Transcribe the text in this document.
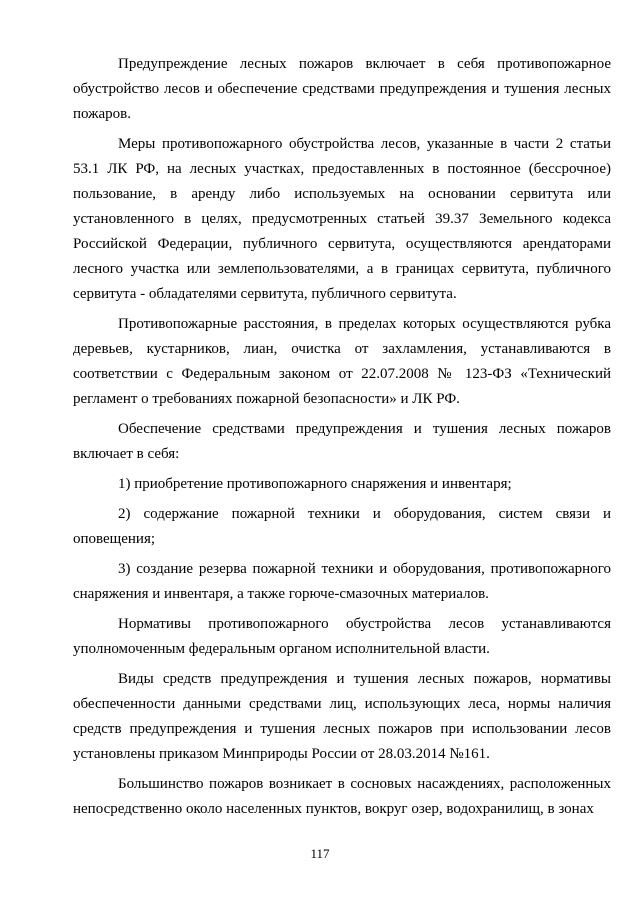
Предупреждение лесных пожаров включает в себя противопожарное обустройство лесов и обеспечение средствами предупреждения и тушения лесных пожаров.

Меры противопожарного обустройства лесов, указанные в части 2 статьи 53.1 ЛК РФ, на лесных участках, предоставленных в постоянное (бессрочное) пользование, в аренду либо используемых на основании сервитута или установленного в целях, предусмотренных статьей 39.37 Земельного кодекса Российской Федерации, публичного сервитута, осуществляются арендаторами лесного участка или землепользователями, а в границах сервитута, публичного сервитута - обладателями сервитута, публичного сервитута.

Противопожарные расстояния, в пределах которых осуществляются рубка деревьев, кустарников, лиан, очистка от захламления, устанавливаются в соответствии с Федеральным законом от 22.07.2008 № 123-ФЗ «Технический регламент о требованиях пожарной безопасности» и ЛК РФ.

Обеспечение средствами предупреждения и тушения лесных пожаров включает в себя:

1) приобретение противопожарного снаряжения и инвентаря;

2) содержание пожарной техники и оборудования, систем связи и оповещения;

3) создание резерва пожарной техники и оборудования, противопожарного снаряжения и инвентаря, а также горюче-смазочных материалов.

Нормативы противопожарного обустройства лесов устанавливаются уполномоченным федеральным органом исполнительной власти.

Виды средств предупреждения и тушения лесных пожаров, нормативы обеспеченности данными средствами лиц, использующих леса, нормы наличия средств предупреждения и тушения лесных пожаров при использовании лесов установлены приказом Минприроды России от 28.03.2014 №161.

Большинство пожаров возникает в сосновых насаждениях, расположенных непосредственно около населенных пунктов, вокруг озер, водохранилищ, в зонах

117
